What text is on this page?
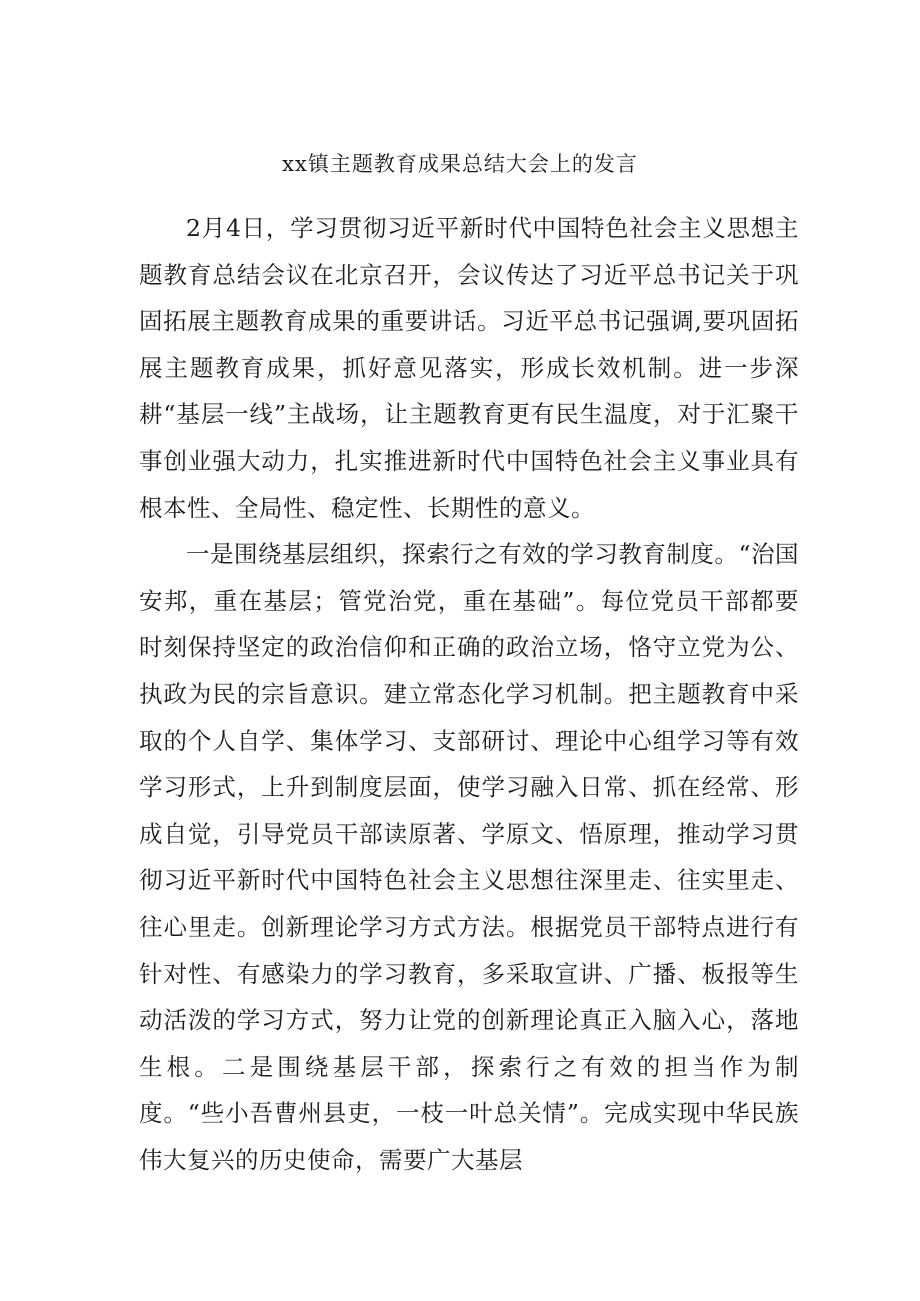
xx镇主题教育成果总结大会上的发言

2月4日，学习贯彻习近平新时代中国特色社会主义思想主题教育总结会议在北京召开，会议传达了习近平总书记关于巩固拓展主题教育成果的重要讲话。习近平总书记强调,要巩固拓展主题教育成果，抓好意见落实，形成长效机制。进一步深耕“基层一线”主战场，让主题教育更有民生温度，对于汇聚干事创业强大动力，扎实推进新时代中国特色社会主义事业具有根本性、全局性、稳定性、长期性的意义。

一是围绕基层组织，探索行之有效的学习教育制度。“治国安邦，重在基层；管党治党，重在基础”。每位党员干部都要时刻保持坚定的政治信仰和正确的政治立场，恪守立党为公、执政为民的宗旨意识。建立常态化学习机制。把主题教育中采取的个人自学、集体学习、支部研讨、理论中心组学习等有效学习形式，上升到制度层面，使学习融入日常、抓在经常、形成自觉，引导党员干部读原著、学原文、悟原理，推动学习贯彻习近平新时代中国特色社会主义思想往深里走、往实里走、往心里走。创新理论学习方式方法。根据党员干部特点进行有针对性、有感染力的学习教育，多采取宣讲、广播、板报等生动活泼的学习方式，努力让党的创新理论真正入脑入心，落地生根。二是围绕基层干部，探索行之有效的担当作为制度。“些小吾曹州县吏，一枝一叶总关情”。完成实现中华民族伟大复兴的历史使命，需要广大基层
